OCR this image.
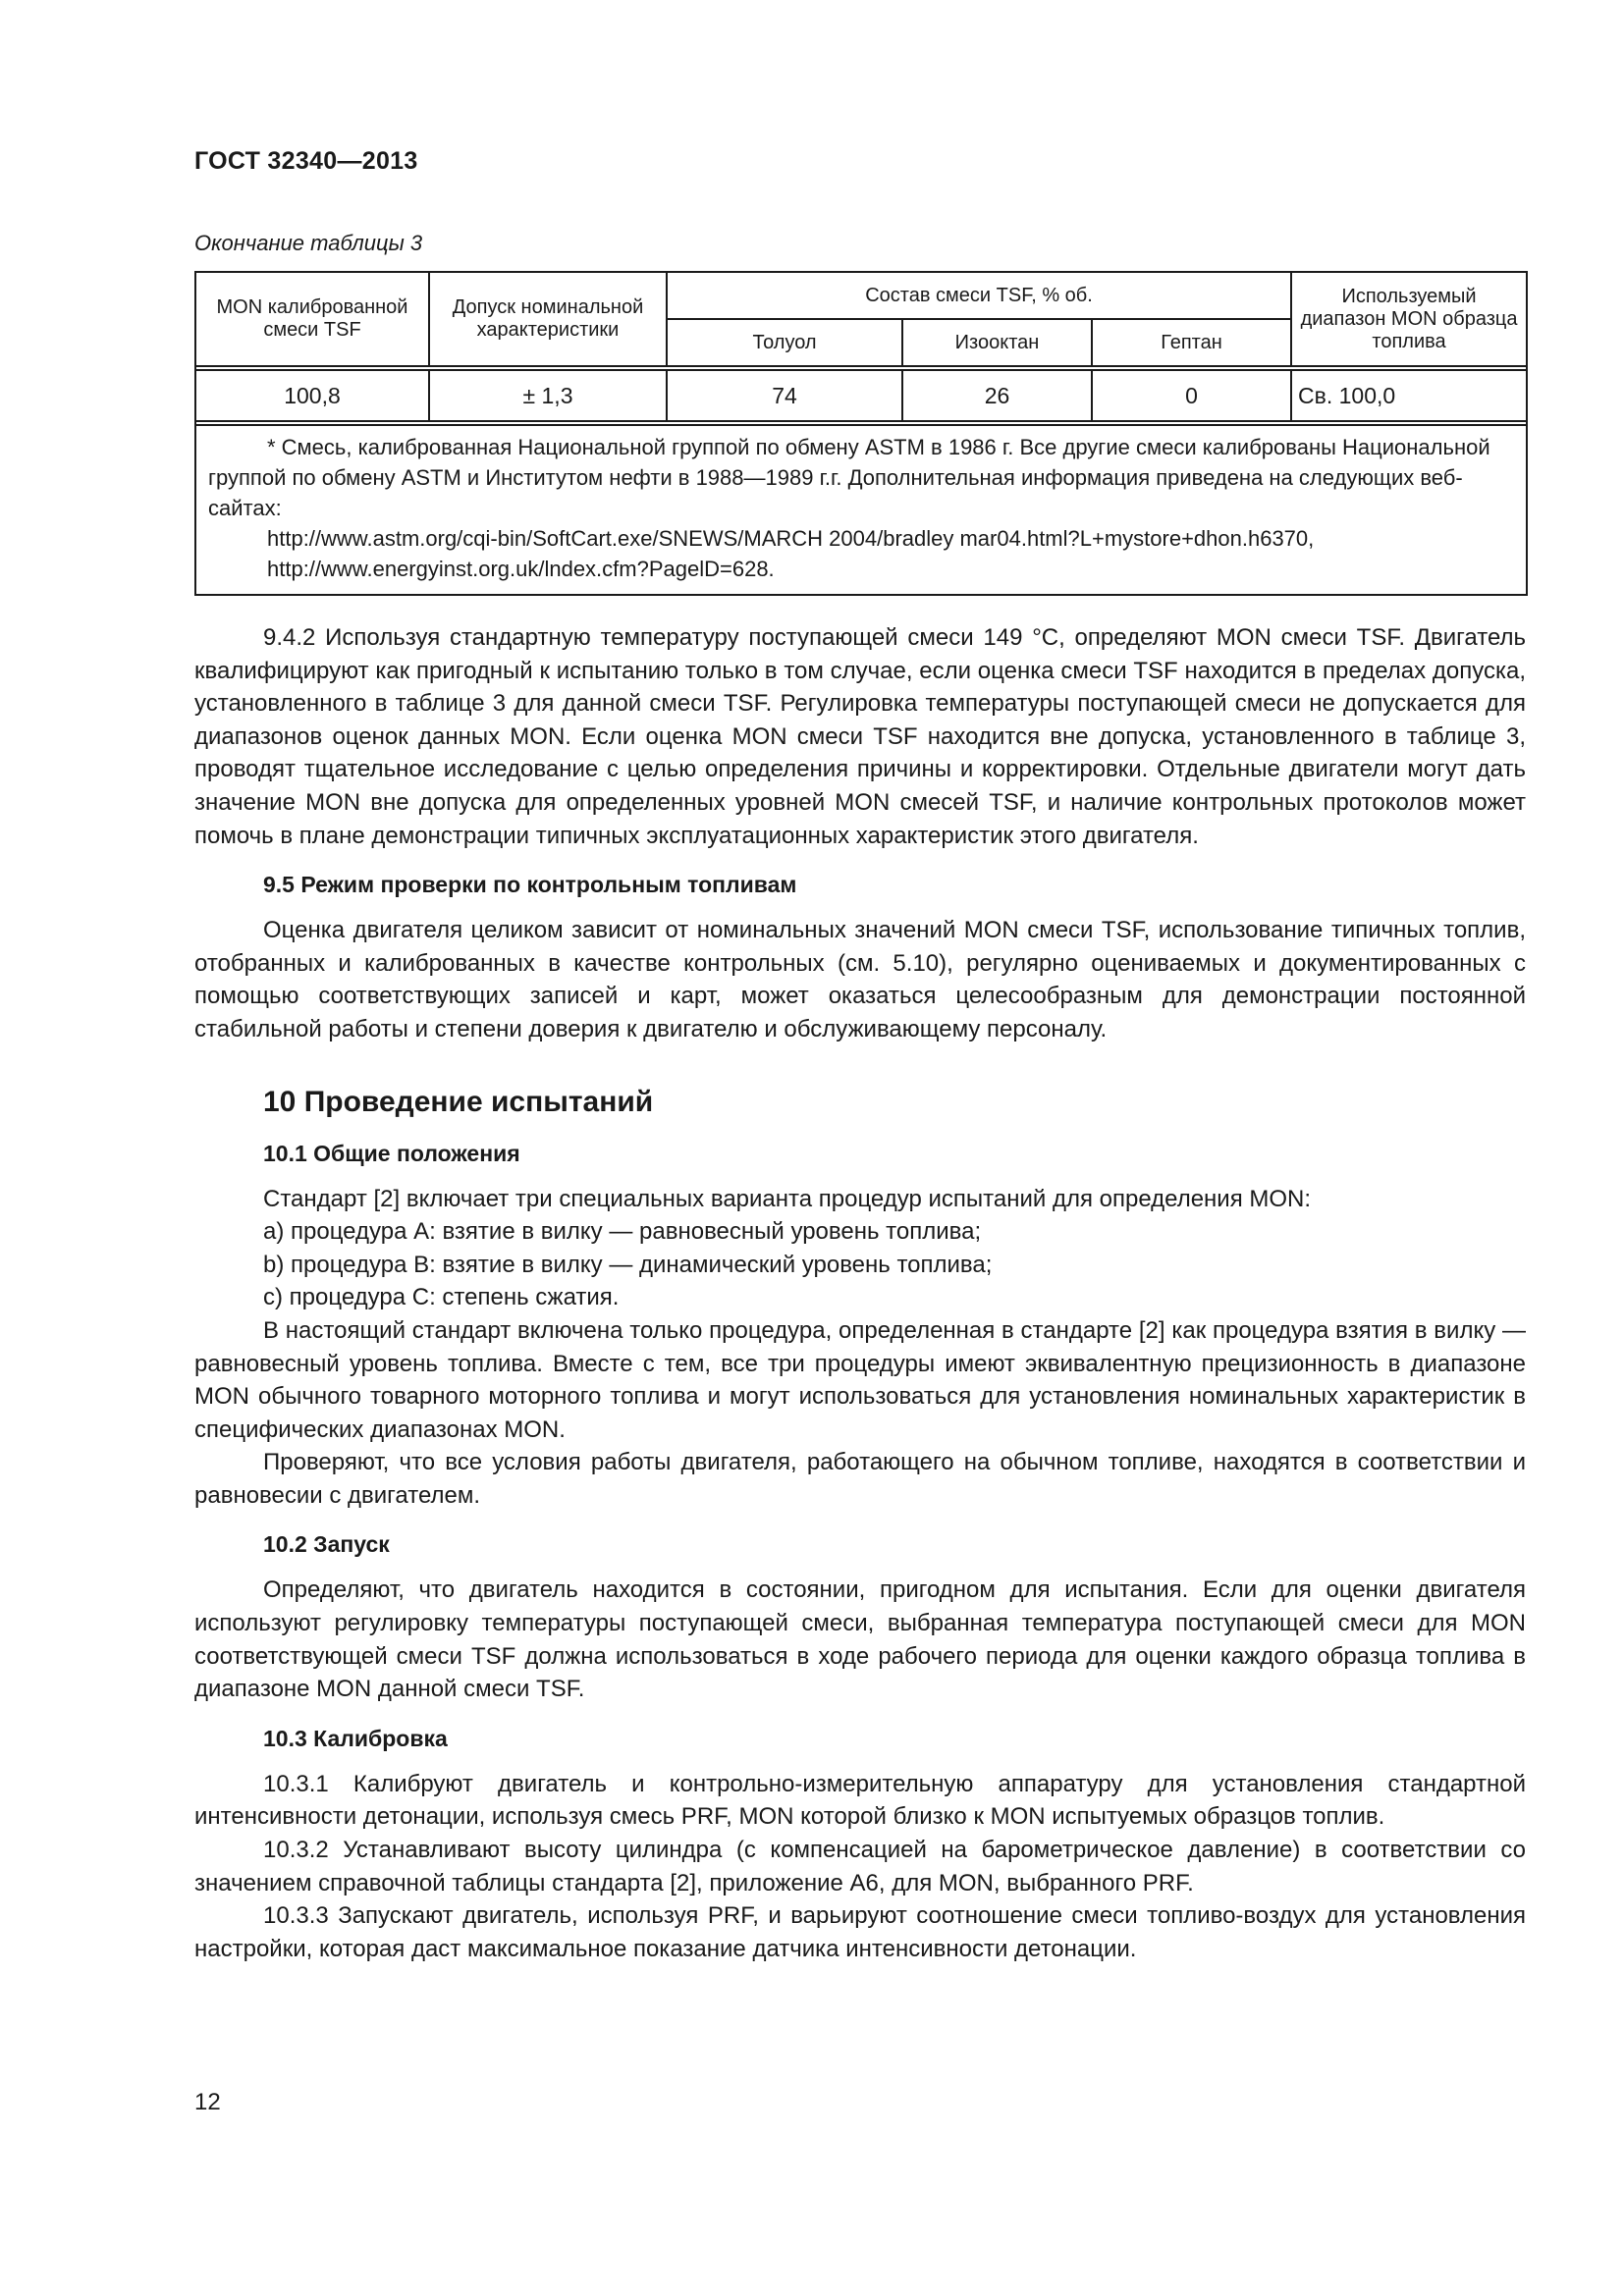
ГОСТ 32340—2013
Окончание таблицы 3
MON калиброванной смеси TSF	Допуск номинальной характеристики	Состав смеси TSF, % об.			Используемый диапазон MON образца топлива
		Толуол	Изооктан	Гептан	

100,8	± 1,3	74	26	0	Св. 100,0

* Смесь, калиброванная Национальной группой по обмену ASTM в 1986 г. Все другие смеси калиброваны Национальной группой по обмену ASTM и Институтом нефти в 1988—1989 г.г. Дополнительная информация приведена на следующих веб-сайтах:

http://www.astm.org/cqi-bin/SoftCart.exe/SNEWS/MARCH 2004/bradley mar04.html?L+mystore+dhon.h6370,

http://www.energyinst.org.uk/lndex.cfm?PagelD=628.					

9.4.2 Используя стандартную температуру поступающей смеси 149 °С, определяют MON смеси TSF. Двигатель квалифицируют как пригодный к испытанию только в том случае, если оценка смеси TSF находится в пределах допуска, установленного в таблице 3 для данной смеси TSF. Регулировка температуры поступающей смеси не допускается для диапазонов оценок данных MON. Если оценка MON смеси TSF находится вне допуска, установленного в таблице 3, проводят тщательное исследование с целью определения причины и корректировки. Отдельные двигатели могут дать значение MON вне допуска для определенных уровней MON смесей TSF, и наличие контрольных протоколов может помочь в плане демонстрации типичных эксплуатационных характеристик этого двигателя.

9.5 Режим проверки по контрольным топливам

Оценка двигателя целиком зависит от номинальных значений MON смеси TSF, использование типичных топлив, отобранных и калиброванных в качестве контрольных (см. 5.10), регулярно оцениваемых и документированных с помощью соответствующих записей и карт, может оказаться целесообразным для демонстрации постоянной стабильной работы и степени доверия к двигателю и обслуживающему персоналу.

10 Проведение испытаний

10.1 Общие положения

Стандарт [2] включает три специальных варианта процедур испытаний для определения MON:

a) процедура А: взятие в вилку — равновесный уровень топлива;

b) процедура В: взятие в вилку — динамический уровень топлива;

c) процедура С: степень сжатия.

В настоящий стандарт включена только процедура, определенная в стандарте [2] как процедура взятия в вилку — равновесный уровень топлива. Вместе с тем, все три процедуры имеют эквивалентную прецизионность в диапазоне MON обычного товарного моторного топлива и могут использоваться для установления номинальных характеристик в специфических диапазонах MON.

Проверяют, что все условия работы двигателя, работающего на обычном топливе, находятся в соответствии и равновесии с двигателем.

10.2 Запуск

Определяют, что двигатель находится в состоянии, пригодном для испытания. Если для оценки двигателя используют регулировку температуры поступающей смеси, выбранная температура поступающей смеси для MON соответствующей смеси TSF должна использоваться в ходе рабочего периода для оценки каждого образца топлива в диапазоне MON данной смеси TSF.

10.3 Калибровка

10.3.1 Калибруют двигатель и контрольно-измерительную аппаратуру для установления стандартной интенсивности детонации, используя смесь PRF, MON которой близко к MON испытуемых образцов топлив.

10.3.2 Устанавливают высоту цилиндра (с компенсацией на барометрическое давление) в соответствии со значением справочной таблицы стандарта [2], приложение А6, для MON, выбранного PRF.

10.3.3 Запускают двигатель, используя PRF, и варьируют соотношение смеси топливо-воздух для установления настройки, которая даст максимальное показание датчика интенсивности детонации.

12
